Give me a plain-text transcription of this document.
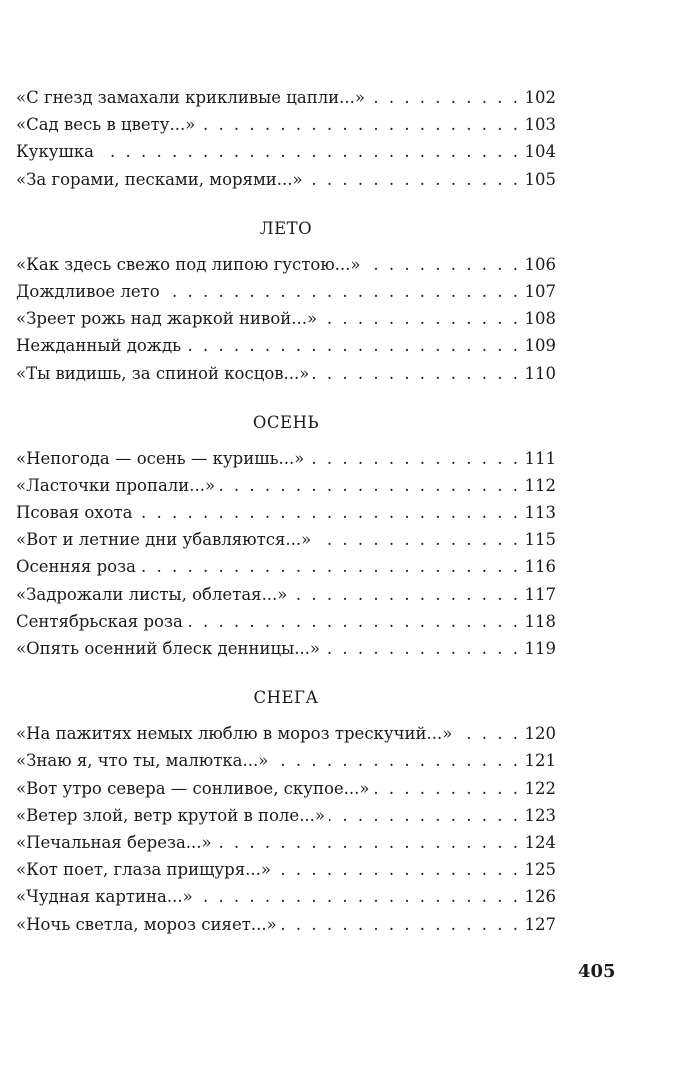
«С гнезд замахали крикливые цапли...» . . .	102
«Сад весь в цвету...» . . .	103
Кукушка . . .	104
«За горами, песками, морями...» . . .	105
ЛЕТО
«Как здесь свежо под липою густою...» . . .	106
Дождливое лето . . .	107
«Зреет рожь над жаркой нивой...» . . .	108
Нежданный дождь . . .	109
«Ты видишь, за спиной косцов...» . . .	110
ОСЕНЬ
«Непогода — осень — куришь...» . . .	111
«Ласточки пропали...» . . .	112
Псовая охота . . .	113
«Вот и летние дни убавляются...» . . .	115
Осенняя роза . . .	116
«Задрожали листы, облетая...» . . .	117
Сентябрьская роза . . .	118
«Опять осенний блеск денницы...» . . .	119
СНЕГА
«На пажитях немых люблю в мороз трескучий...» . . .	120
«Знаю я, что ты, малютка...» . . .	121
«Вот утро севера — сонливое, скупое...» . . .	122
«Ветер злой, ветр крутой в поле...» . . .	123
«Печальная береза...» . . .	124
«Кот поет, глаза прищуря...» . . .	125
«Чудная картина...» . . .	126
«Ночь светла, мороз сияет...» . . .	127
405
